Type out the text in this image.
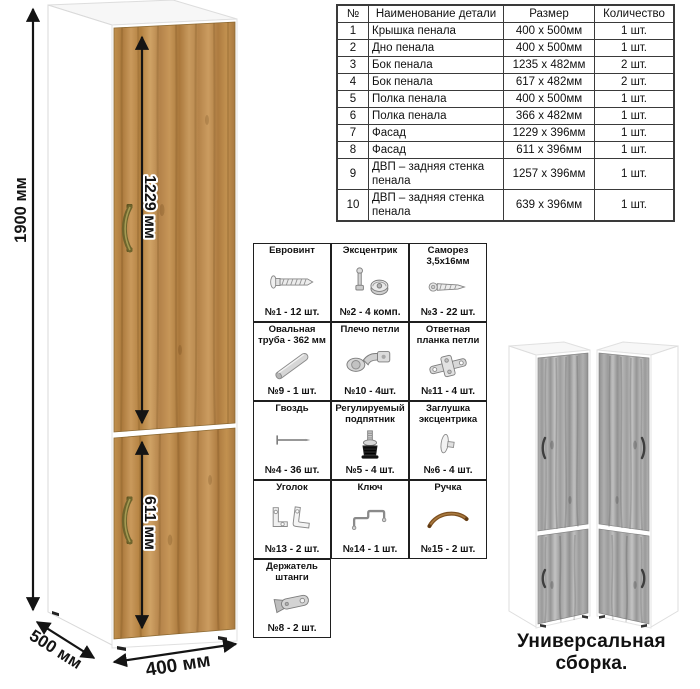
1900 мм	1229 мм
611 мм
500 мм	400 мм
№	Наименование детали	Размер	Количество
1	Крышка пенала	400 x 500мм	1 шт.
2	Дно пенала	400 x 500мм	1 шт.
3	Бок пенала	1235 x 482мм	2 шт.
4	Бок пенала	617 x 482мм	2 шт.
5	Полка пенала	400 x 500мм	1 шт.
6	Полка пенала	366 x 482мм	1 шт.
7	Фасад	1229 x 396мм	1 шт.
8	Фасад	611 x 396мм	1 шт.
9	ДВП – задняя стенка пенала	1257 x 396мм	1 шт.
10	ДВП – задняя стенка пенала	639 x 396мм	1 шт.
Евровинт
№1 - 12 шт.
Эксцентрик
№2 - 4 комп.
Саморез 3,5х16мм
№3 - 22 шт.
Овальная труба - 362 мм
№9 - 1 шт.
Плечо петли
№10 - 4шт.
Ответная планка петли
№11 - 4 шт.
Гвоздь
№4 - 36 шт.
Регулируемый подпятник
№5 - 4 шт.
Заглушка эксцентрика
№6 - 4 шт.
Уголок
№13 - 2 шт.
Ключ
№14 - 1 шт.
Ручка
№15 - 2 шт.
Держатель штанги
№8 - 2 шт.
Универсальная сборка.
